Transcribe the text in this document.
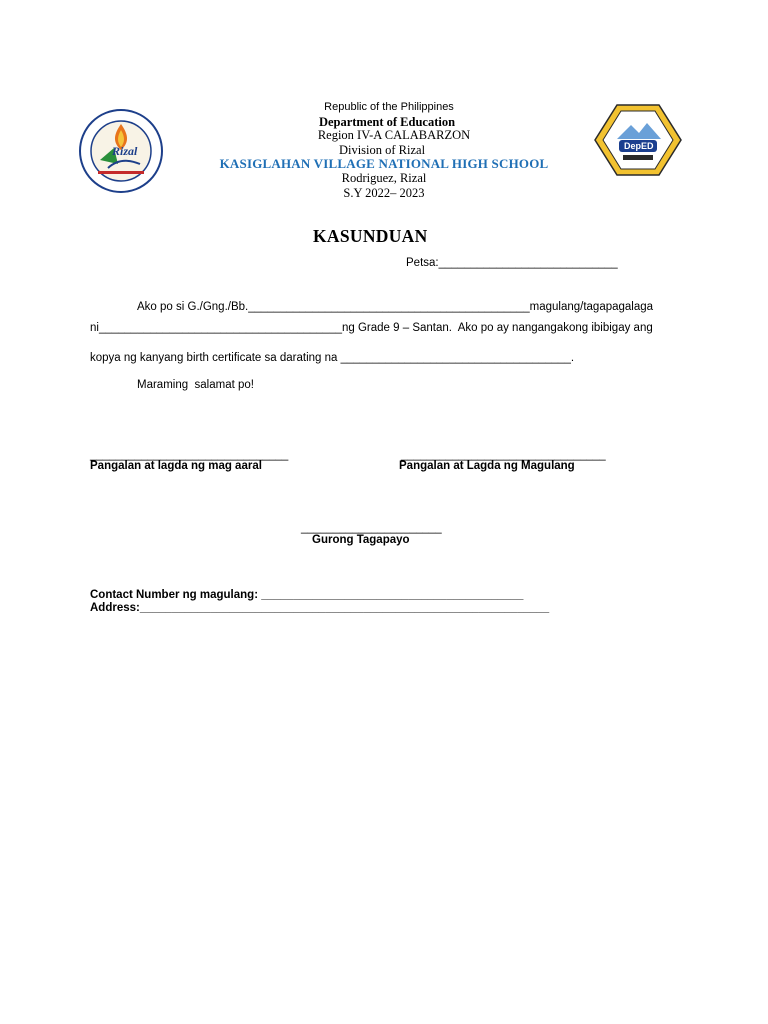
Rizal	DepED
Republic of the Philippines
Department of Education
Region IV-A CALABARZON
Division of Rizal
KASIGLAHAN VILLAGE NATIONAL HIGH SCHOOL
Rodriguez, Rizal
S.Y 2022– 2023
KASUNDUAN
Petsa:____________________________
Ako po si G./Gng./Bb.____________________________________________magulang/tagapagalaga
ni______________________________________ng Grade 9 – Santan.  Ako po ay nangangakong ibibigay ang
kopya ng kanyang birth certificate sa darating na ____________________________________.
Maraming  salamat po!
_______________________________
Pangalan at lagda ng mag aaral
________________________________
Pangalan at Lagda ng Magulang
______________________
Gurong Tagapayo
Contact Number ng magulang: _________________________________________
Address:________________________________________________________________
